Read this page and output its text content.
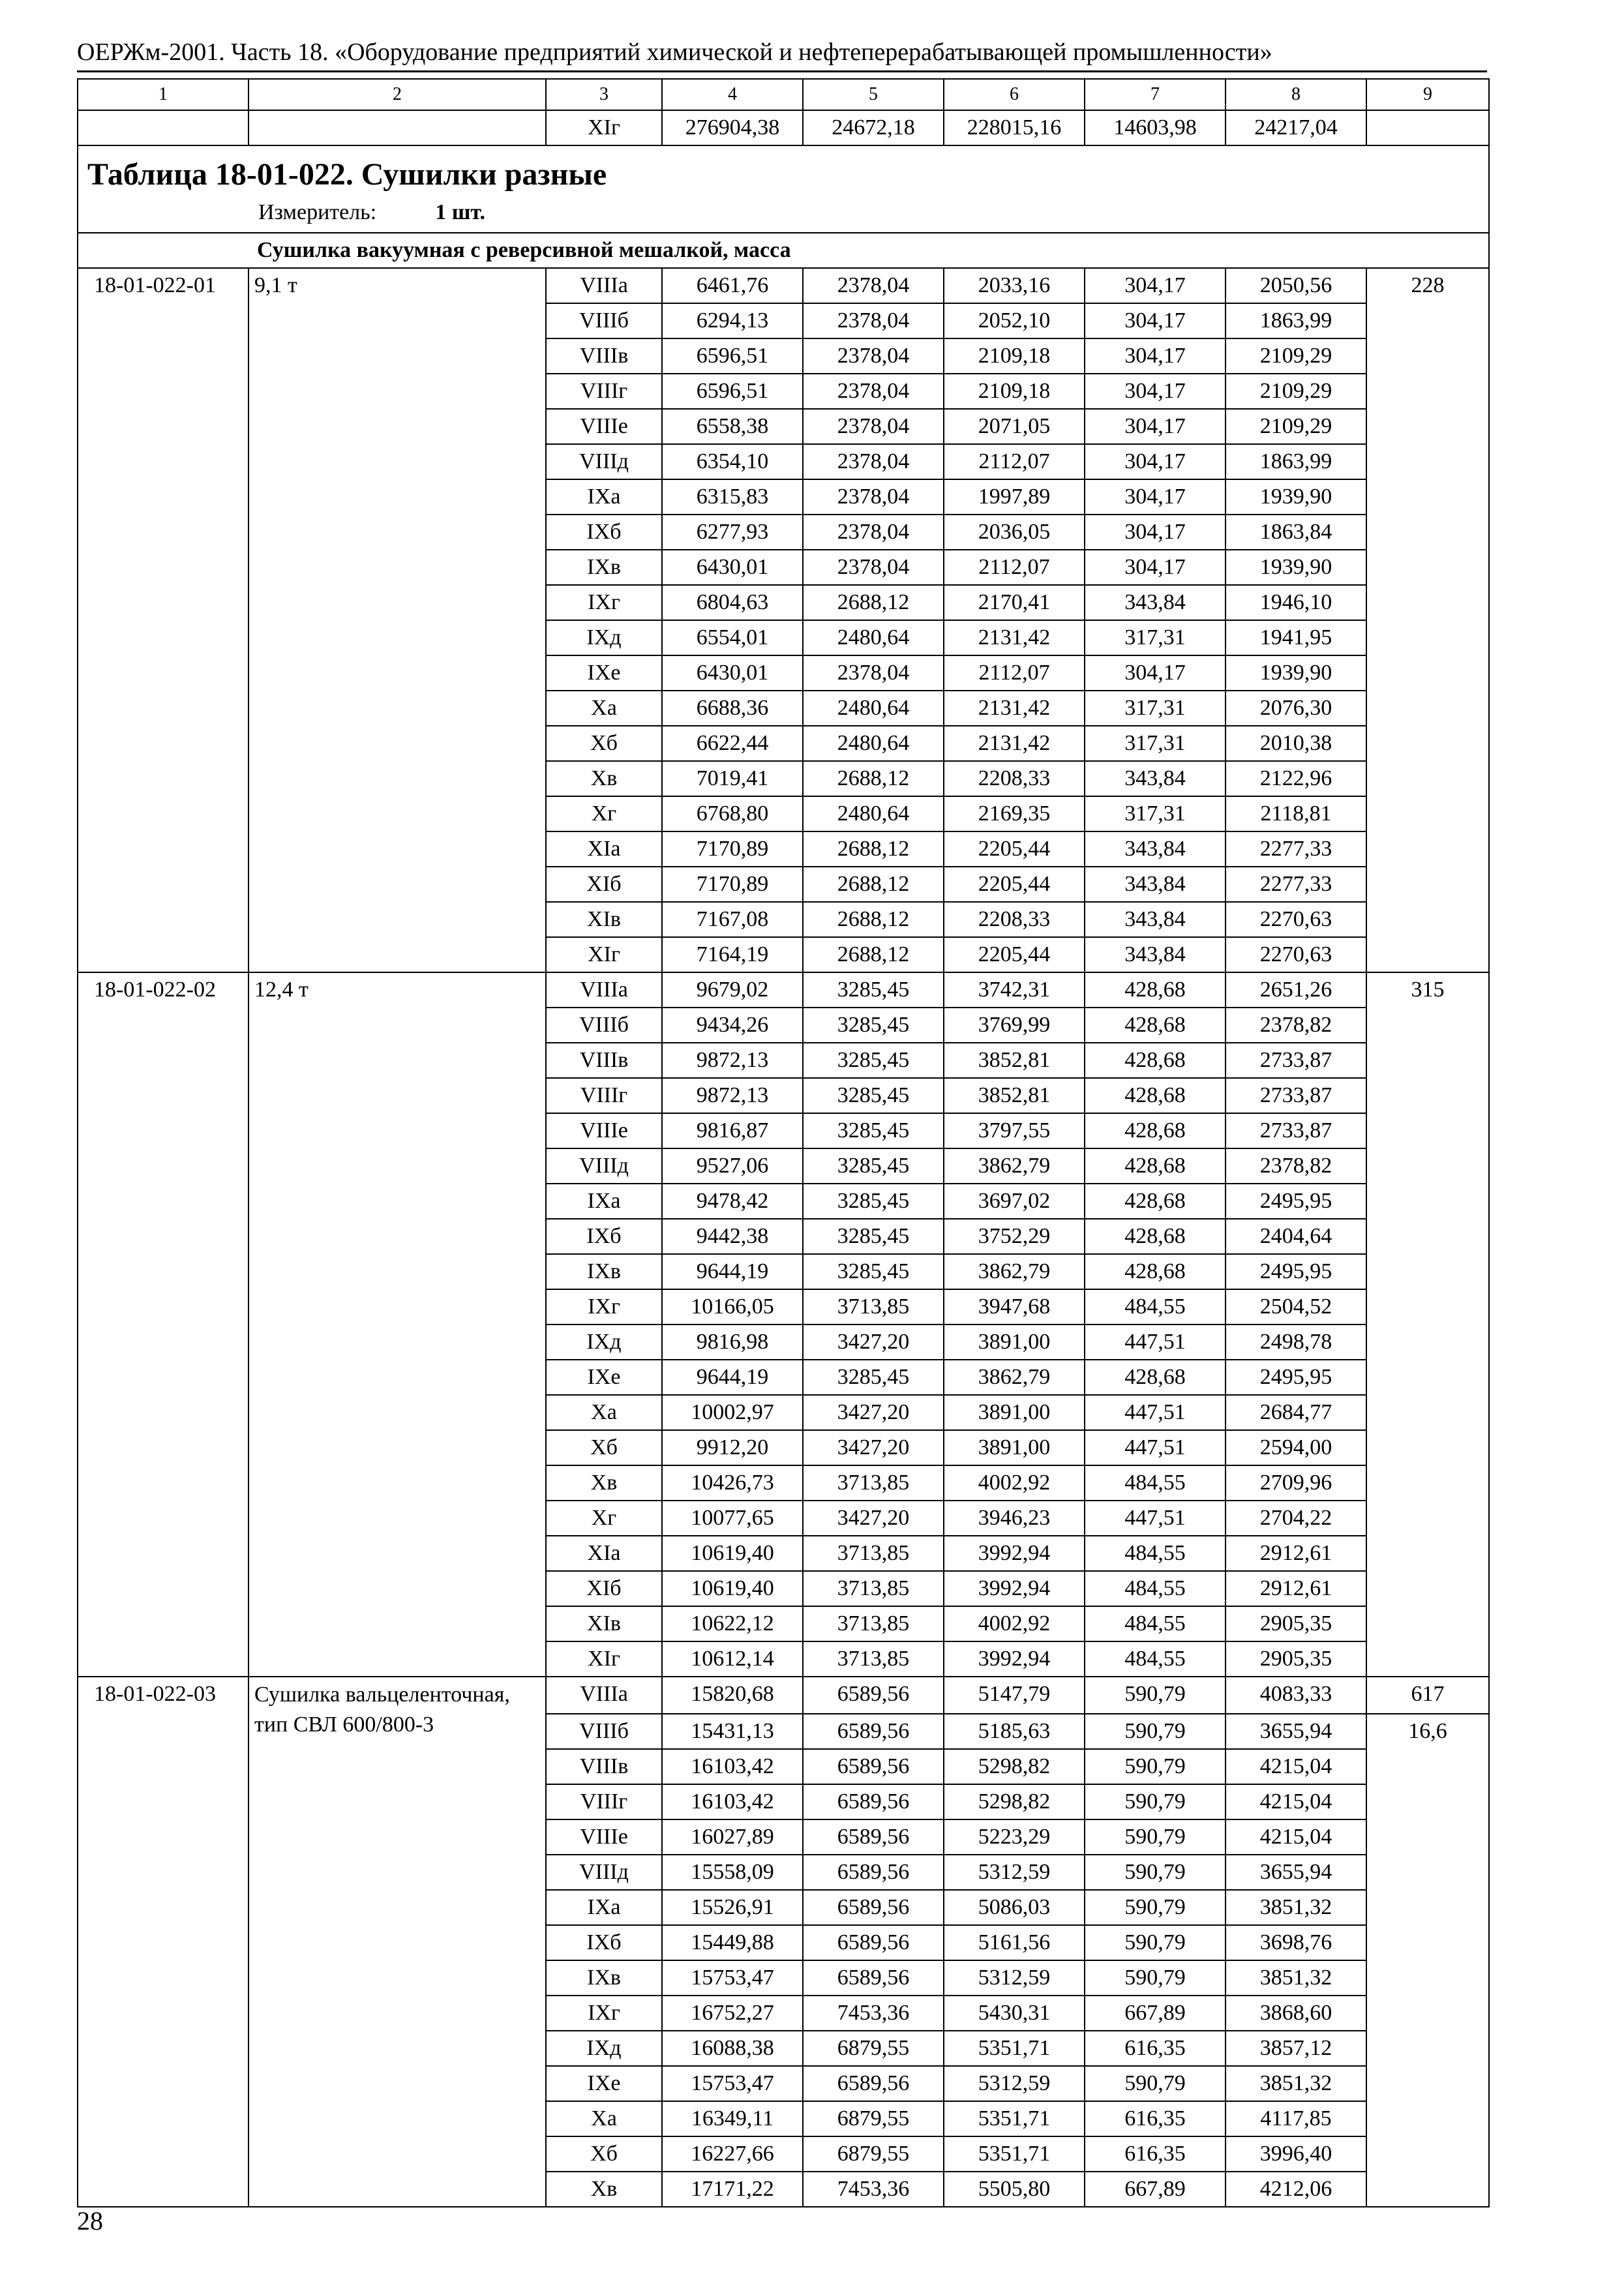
ОЕРЖм-2001. Часть 18. «Оборудование предприятий химической и нефтеперерабатывающей промышленности»
1	2	3	4	5	6	7	8	9
		XIг	276904,38	24672,18	228015,16	14603,98	24217,04	

Таблица 18-01-022. Сушилки разные
Измеритель: 1 шт.								

Сушилка вакуумная с реверсивной мешалкой, масса								
18-01-022-01	9,1 т	VIIIа	6461,76	2378,04	2033,16	304,17	2050,56	228
		VIIIб	6294,13	2378,04	2052,10	304,17	1863,99	
		VIIIв	6596,51	2378,04	2109,18	304,17	2109,29	
		VIIIг	6596,51	2378,04	2109,18	304,17	2109,29	
		VIIIе	6558,38	2378,04	2071,05	304,17	2109,29	
		VIIIд	6354,10	2378,04	2112,07	304,17	1863,99	
		IXа	6315,83	2378,04	1997,89	304,17	1939,90	
		IXб	6277,93	2378,04	2036,05	304,17	1863,84	
		IXв	6430,01	2378,04	2112,07	304,17	1939,90	
		IXг	6804,63	2688,12	2170,41	343,84	1946,10	
		IXд	6554,01	2480,64	2131,42	317,31	1941,95	
		IXе	6430,01	2378,04	2112,07	304,17	1939,90	
		Xа	6688,36	2480,64	2131,42	317,31	2076,30	
		Xб	6622,44	2480,64	2131,42	317,31	2010,38	
		Xв	7019,41	2688,12	2208,33	343,84	2122,96	
		Xг	6768,80	2480,64	2169,35	317,31	2118,81	
		XIа	7170,89	2688,12	2205,44	343,84	2277,33	
		XIб	7170,89	2688,12	2205,44	343,84	2277,33	
		XIв	7167,08	2688,12	2208,33	343,84	2270,63	
		XIг	7164,19	2688,12	2205,44	343,84	2270,63	
18-01-022-02	12,4 т	VIIIа	9679,02	3285,45	3742,31	428,68	2651,26	315
		VIIIб	9434,26	3285,45	3769,99	428,68	2378,82	
		VIIIв	9872,13	3285,45	3852,81	428,68	2733,87	
		VIIIг	9872,13	3285,45	3852,81	428,68	2733,87	
		VIIIе	9816,87	3285,45	3797,55	428,68	2733,87	
		VIIIд	9527,06	3285,45	3862,79	428,68	2378,82	
		IXа	9478,42	3285,45	3697,02	428,68	2495,95	
		IXб	9442,38	3285,45	3752,29	428,68	2404,64	
		IXв	9644,19	3285,45	3862,79	428,68	2495,95	
		IXг	10166,05	3713,85	3947,68	484,55	2504,52	
		IXд	9816,98	3427,20	3891,00	447,51	2498,78	
		IXе	9644,19	3285,45	3862,79	428,68	2495,95	
		Xа	10002,97	3427,20	3891,00	447,51	2684,77	
		Xб	9912,20	3427,20	3891,00	447,51	2594,00	
		Xв	10426,73	3713,85	4002,92	484,55	2709,96	
		Xг	10077,65	3427,20	3946,23	447,51	2704,22	
		XIа	10619,40	3713,85	3992,94	484,55	2912,61	
		XIб	10619,40	3713,85	3992,94	484,55	2912,61	
		XIв	10622,12	3713,85	4002,92	484,55	2905,35	
		XIг	10612,14	3713,85	3992,94	484,55	2905,35	
18-01-022-03	Сушилка вальцеленточная, тип СВЛ 600/800-3	VIIIа	15820,68	6589,56	5147,79	590,79	4083,33	617
		VIIIб	15431,13	6589,56	5185,63	590,79	3655,94	16,6
		VIIIв	16103,42	6589,56	5298,82	590,79	4215,04	
		VIIIг	16103,42	6589,56	5298,82	590,79	4215,04	
		VIIIе	16027,89	6589,56	5223,29	590,79	4215,04	
		VIIIд	15558,09	6589,56	5312,59	590,79	3655,94	
		IXа	15526,91	6589,56	5086,03	590,79	3851,32	
		IXб	15449,88	6589,56	5161,56	590,79	3698,76	
		IXв	15753,47	6589,56	5312,59	590,79	3851,32	
		IXг	16752,27	7453,36	5430,31	667,89	3868,60	
		IXд	16088,38	6879,55	5351,71	616,35	3857,12	
		IXе	15753,47	6589,56	5312,59	590,79	3851,32	
		Xа	16349,11	6879,55	5351,71	616,35	4117,85	
		Xб	16227,66	6879,55	5351,71	616,35	3996,40	
		Xв	17171,22	7453,36	5505,80	667,89	4212,06	
28
